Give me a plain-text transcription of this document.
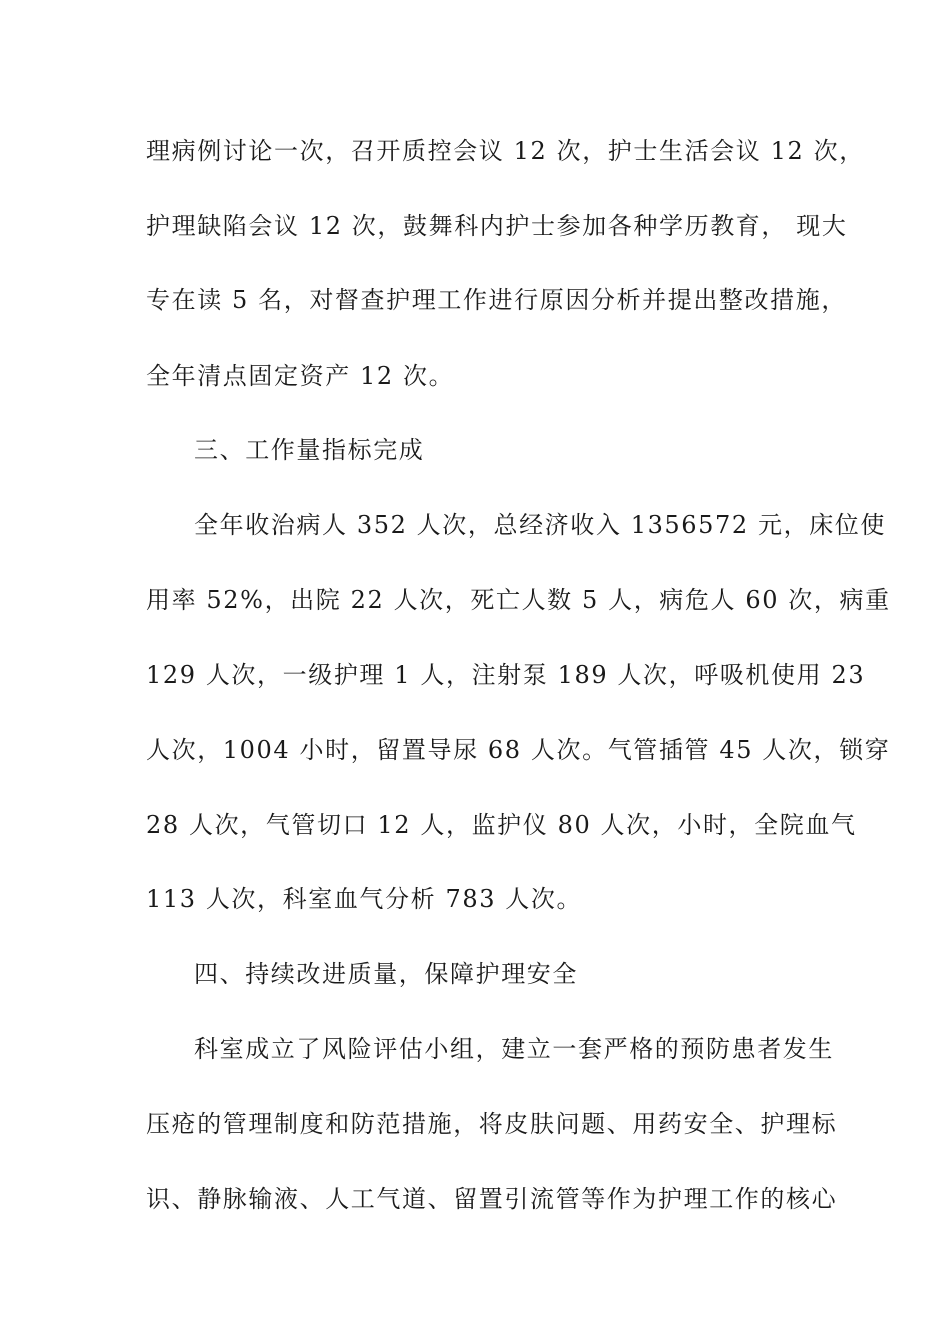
理病例讨论一次，召开质控会议 12 次，护士生活会议 12 次，
护理缺陷会议 12 次，鼓舞科内护士参加各种学历教育， 现大
专在读 5 名，对督查护理工作进行原因分析并提出整改措施，
全年清点固定资产 12 次。
三、工作量指标完成
全年收治病人 352 人次，总经济收入 1356572 元，床位使
用率 52%，出院 22 人次，死亡人数 5 人，病危人 60 次，病重
129 人次，一级护理 1 人，注射泵 189 人次，呼吸机使用 23
人次，1004 小时，留置导尿 68 人次。气管插管 45 人次，锁穿
28 人次，气管切口 12 人，监护仪 80 人次，小时，全院血气
113 人次，科室血气分析 783 人次。
四、持续改进质量，保障护理安全
科室成立了风险评估小组，建立一套严格的预防患者发生
压疮的管理制度和防范措施，将皮肤问题、用药安全、护理标
识、静脉输液、人工气道、留置引流管等作为护理工作的核心
